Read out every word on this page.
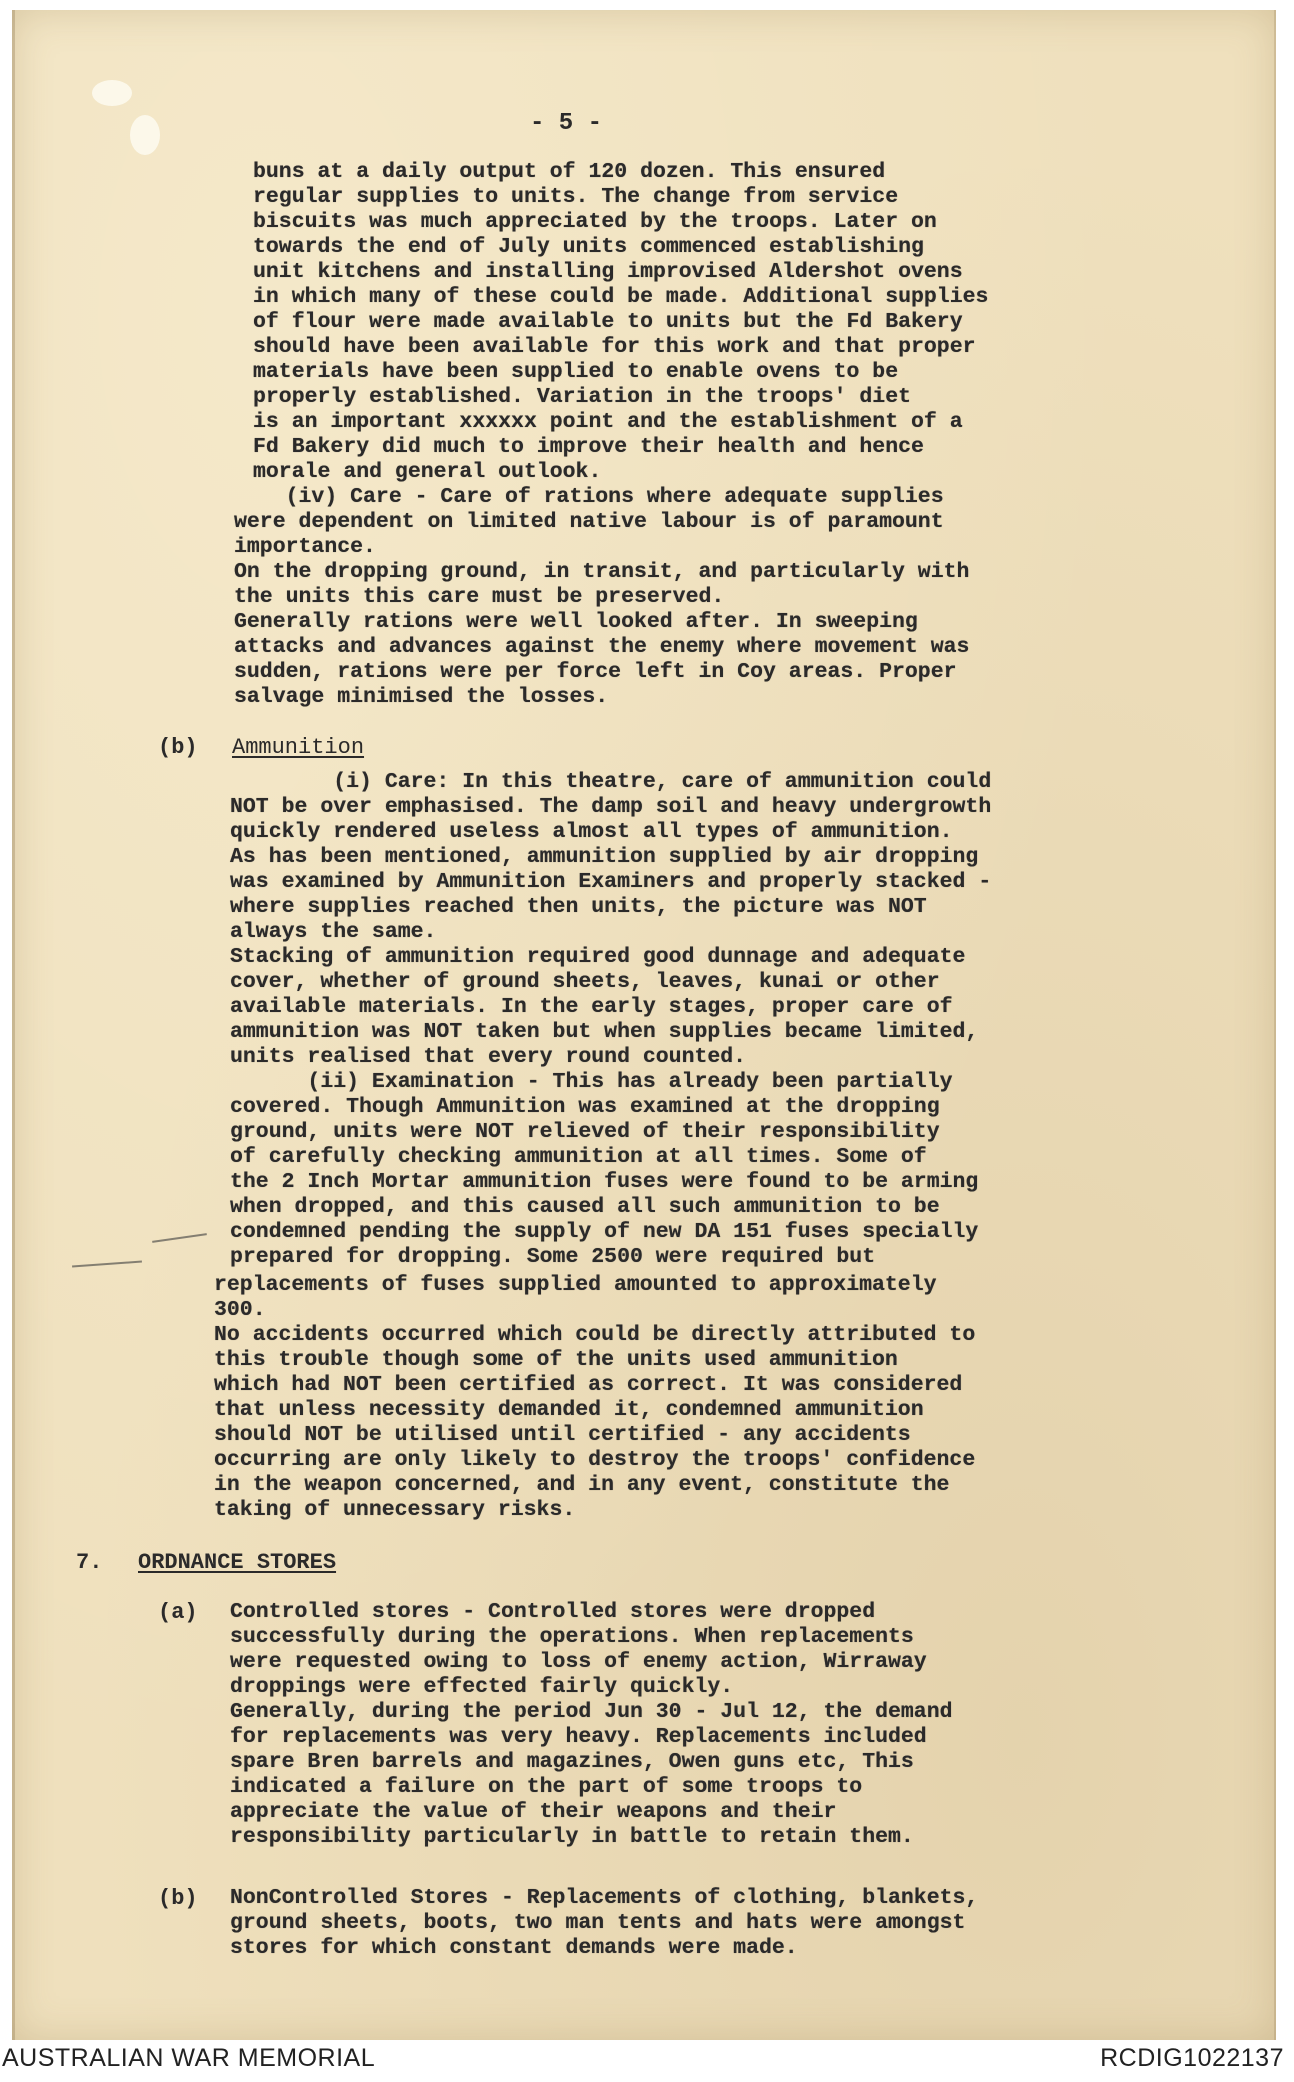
- 5 -
buns at a daily output of 120 dozen. This ensured
regular supplies to units. The change from service
biscuits was much appreciated by the troops. Later on
towards the end of July units commenced establishing
unit kitchens and installing improvised Aldershot ovens
in which many of these could be made. Additional supplies
of flour were made available to units but the Fd Bakery
should have been available for this work and that proper
materials have been supplied to enable ovens to be
properly established. Variation in the troops' diet
is an important xxxxxx point and the establishment of a
Fd Bakery did much to improve their health and hence
morale and general outlook.
(iv) Care - Care of rations where adequate supplies
were dependent on limited native labour is of paramount
importance.
On the dropping ground, in transit, and particularly with
the units this care must be preserved.
Generally rations were well looked after. In sweeping
attacks and advances against the enemy where movement was
sudden, rations were per force left in Coy areas. Proper
salvage minimised the losses.
(b) Ammunition
(i) Care: In this theatre, care of ammunition could
NOT be over emphasised. The damp soil and heavy undergrowth
quickly rendered useless almost all types of ammunition.
As has been mentioned, ammunition supplied by air dropping
was examined by Ammunition Examiners and properly stacked -
where supplies reached then units, the picture was NOT
always the same.
Stacking of ammunition required good dunnage and adequate
cover, whether of ground sheets, leaves, kunai or other
available materials. In the early stages, proper care of
ammunition was NOT taken but when supplies became limited,
units realised that every round counted.
(ii) Examination - This has already been partially
covered. Though Ammunition was examined at the dropping
ground, units were NOT relieved of their responsibility
of carefully checking ammunition at all times. Some of
the 2 Inch Mortar ammunition fuses were found to be arming
when dropped, and this caused all such ammunition to be
condemned pending the supply of new DA 151 fuses specially
prepared for dropping. Some 2500 were required but
replacements of fuses supplied amounted to approximately
300.
No accidents occurred which could be directly attributed to
this trouble though some of the units used ammunition
which had NOT been certified as correct. It was considered
that unless necessity demanded it, condemned ammunition
should NOT be utilised until certified - any accidents
occurring are only likely to destroy the troops' confidence
in the weapon concerned, and in any event, constitute the
taking of unnecessary risks.
7. ORDNANCE STORES
(a) Controlled stores - Controlled stores were dropped
successfully during the operations. When replacements
were requested owing to loss of enemy action, Wirraway
droppings were effected fairly quickly.
Generally, during the period Jun 30 - Jul 12, the demand
for replacements was very heavy. Replacements included
spare Bren barrels and magazines, Owen guns etc, This
indicated a failure on the part of some troops to
appreciate the value of their weapons and their
responsibility particularly in battle to retain them.
(b) NonControlled Stores - Replacements of clothing, blankets,
ground sheets, boots, two man tents and hats were amongst
stores for which constant demands were made.
AUSTRALIAN WAR MEMORIAL	RCDIG1022137
